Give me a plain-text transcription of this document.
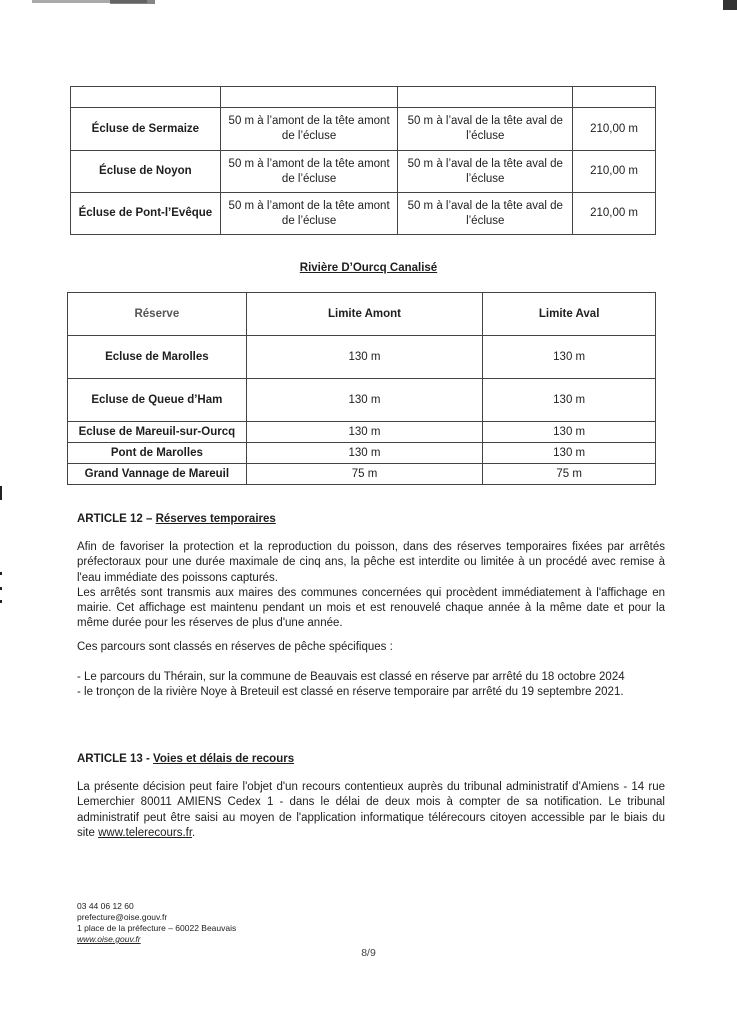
Écluse de Sermaize	50 m à l’amont de la tête amont de l’écluse	50 m à l’aval de la tête aval de l’écluse	210,00 m
Écluse de Noyon	50 m à l’amont de la tête amont de l’écluse	50 m à l’aval de la tête aval de l’écluse	210,00 m
Écluse de Pont-l’Evêque	50 m à l’amont de la tête amont de l’écluse	50 m à l’aval de la tête aval de l’écluse	210,00 m
Rivière D’Ourcq Canalisé
Réserve	Limite Amont	Limite Aval
Ecluse de Marolles	130 m	130 m
Ecluse de Queue d’Ham	130 m	130 m
Ecluse de Mareuil-sur-Ourcq	130 m	130 m
Pont de Marolles	130 m	130 m
Grand Vannage de Mareuil	75 m	75 m
ARTICLE 12 – Réserves temporaires
Afin de favoriser la protection et la reproduction du poisson, dans des réserves temporaires fixées par arrêtés préfectoraux pour une durée maximale de cinq ans, la pêche est interdite ou limitée à un procédé avec remise à l'eau immédiate des poissons capturés.
Les arrêtés sont transmis aux maires des communes concernées qui procèdent immédiatement à l'affichage en mairie. Cet affichage est maintenu pendant un mois et est renouvelé chaque année à la même date et pour la même durée pour les réserves de plus d'une année.
Ces parcours sont classés en réserves de pêche spécifiques :
- Le parcours du Thérain, sur la commune de Beauvais est classé en réserve par arrêté du 18 octobre 2024
- le tronçon de la rivière Noye à Breteuil est classé en réserve temporaire par arrêté du 19 septembre 2021.
ARTICLE 13 - Voies et délais de recours
La présente décision peut faire l'objet d'un recours contentieux auprès du tribunal administratif d'Amiens - 14 rue Lemerchier 80011 AMIENS Cedex 1 - dans le délai de deux mois à compter de sa notification. Le tribunal administratif peut être saisi au moyen de l'application informatique télérecours citoyen accessible par le biais du site www.telerecours.fr.
03 44 06 12 60
prefecture@oise.gouv.fr
1 place de la préfecture – 60022 Beauvais
www.oise.gouv.fr
8/9
